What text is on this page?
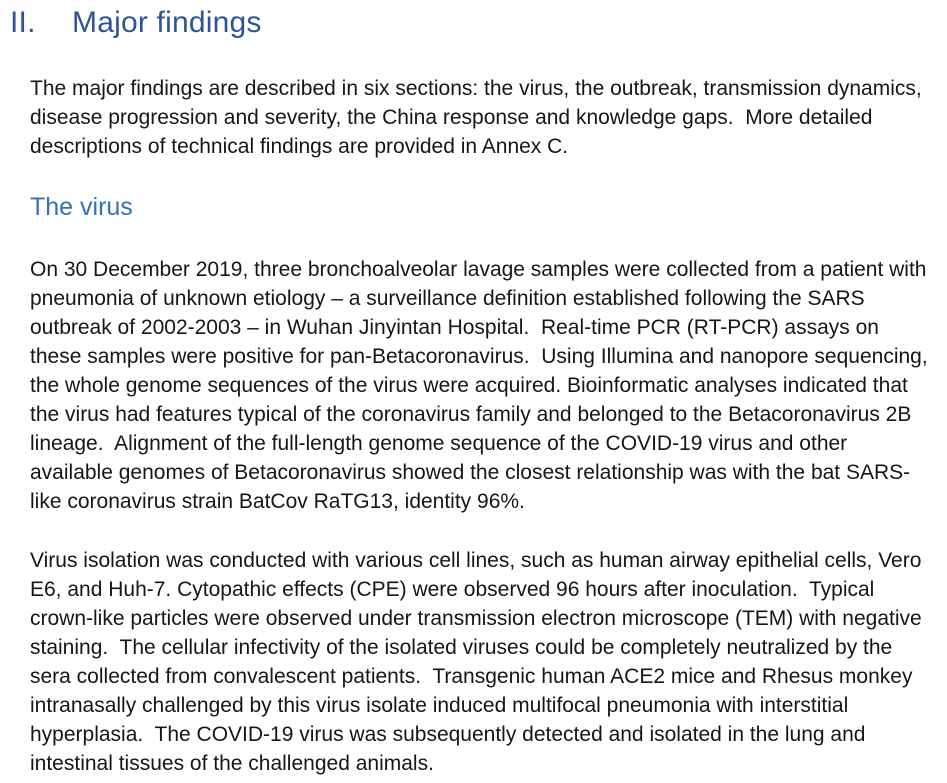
II.	Major findings

The major findings are described in six sections: the virus, the outbreak, transmission dynamics, disease progression and severity, the China response and knowledge gaps.  More detailed descriptions of technical findings are provided in Annex C.

The virus

On 30 December 2019, three bronchoalveolar lavage samples were collected from a patient with pneumonia of unknown etiology – a surveillance definition established following the SARS outbreak of 2002-2003 – in Wuhan Jinyintan Hospital.  Real-time PCR (RT-PCR) assays on these samples were positive for pan-Betacoronavirus.  Using Illumina and nanopore sequencing, the whole genome sequences of the virus were acquired. Bioinformatic analyses indicated that the virus had features typical of the coronavirus family and belonged to the Betacoronavirus 2B lineage.  Alignment of the full-length genome sequence of the COVID-19 virus and other available genomes of Betacoronavirus showed the closest relationship was with the bat SARS-like coronavirus strain BatCov RaTG13, identity 96%.

Virus isolation was conducted with various cell lines, such as human airway epithelial cells, Vero E6, and Huh-7. Cytopathic effects (CPE) were observed 96 hours after inoculation.  Typical crown-like particles were observed under transmission electron microscope (TEM) with negative staining.  The cellular infectivity of the isolated viruses could be completely neutralized by the sera collected from convalescent patients.  Transgenic human ACE2 mice and Rhesus monkey intranasally challenged by this virus isolate induced multifocal pneumonia with interstitial hyperplasia.  The COVID-19 virus was subsequently detected and isolated in the lung and intestinal tissues of the challenged animals.
